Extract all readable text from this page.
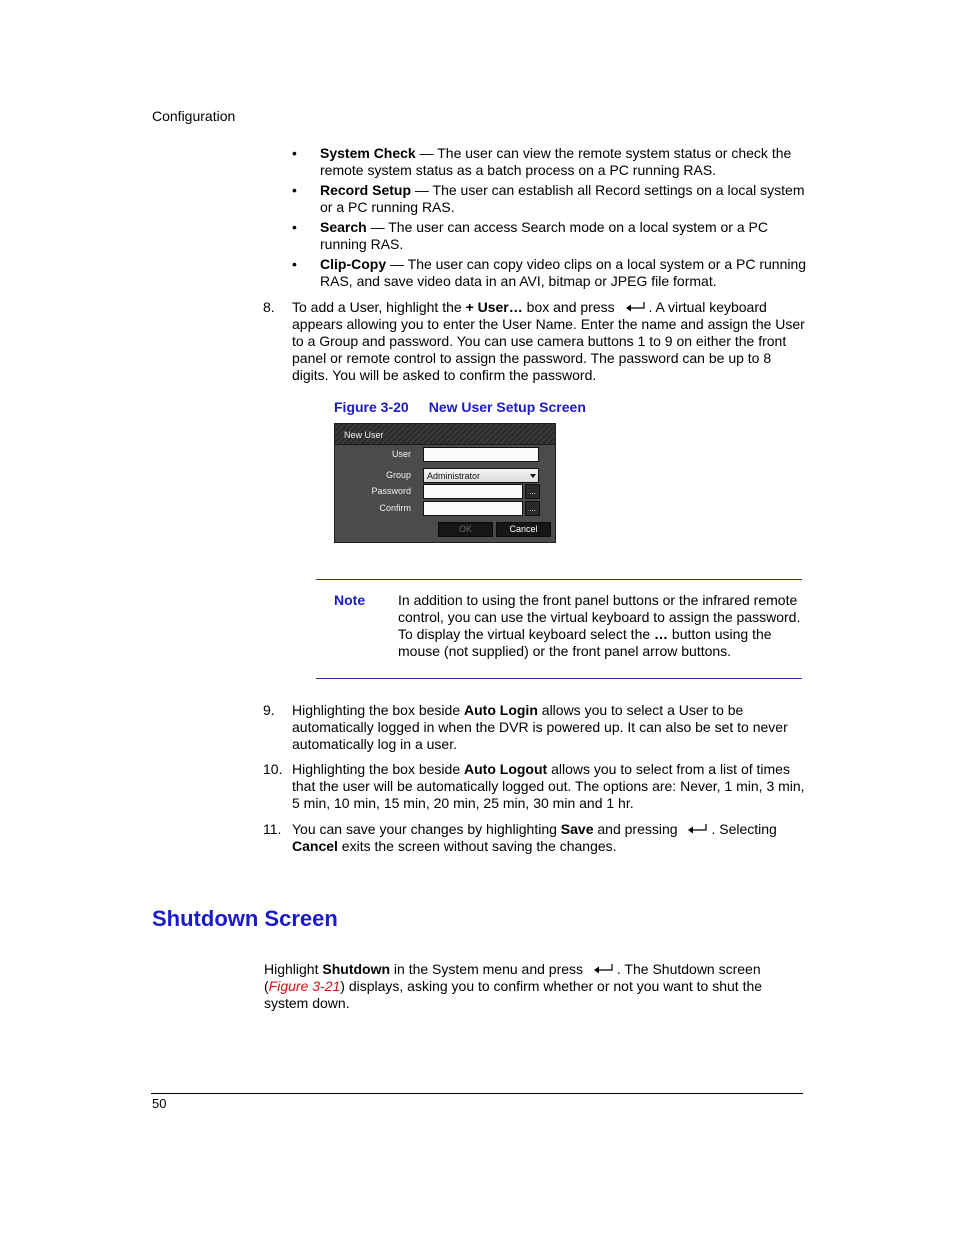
Configuration
• System Check — The user can view the remote system status or check the remote system status as a batch process on a PC running RAS.
• Record Setup — The user can establish all Record settings on a local system or a PC running RAS.
• Search — The user can access Search mode on a local system or a PC running RAS.
• Clip-Copy — The user can copy video clips on a local system or a PC running RAS, and save video data in an AVI, bitmap or JPEG file format.
8. To add a User, highlight the + User… box and press
. A virtual keyboard appears allowing you to enter the User Name. Enter the name and assign the User to a Group and password. You can use camera buttons 1 to 9 on either the front panel or remote control to assign the password. The password can be up to 8 digits. You will be asked to confirm the password.
Figure 3-20 New User Setup Screen
New User
User
Group Administrator
Password	...
Confirm	...
OK	Cancel
Note In addition to using the front panel buttons or the infrared remote control, you can use the virtual keyboard to assign the password. To display the virtual keyboard select the … button using the mouse (not supplied) or the front panel arrow buttons.
9. Highlighting the box beside Auto Login allows you to select a User to be automatically logged in when the DVR is powered up. It can also be set to never automatically log in a user.
10. Highlighting the box beside Auto Logout allows you to select from a list of times that the user will be automatically logged out. The options are: Never, 1 min, 3 min, 5 min, 10 min, 15 min, 20 min, 25 min, 30 min and 1 hr.
11. You can save your changes by highlighting Save and pressing
. Selecting Cancel exits the screen without saving the changes.
Shutdown Screen
Highlight Shutdown in the System menu and press
. The Shutdown screen (Figure 3-21) displays, asking you to confirm whether or not you want to shut the system down.
50
